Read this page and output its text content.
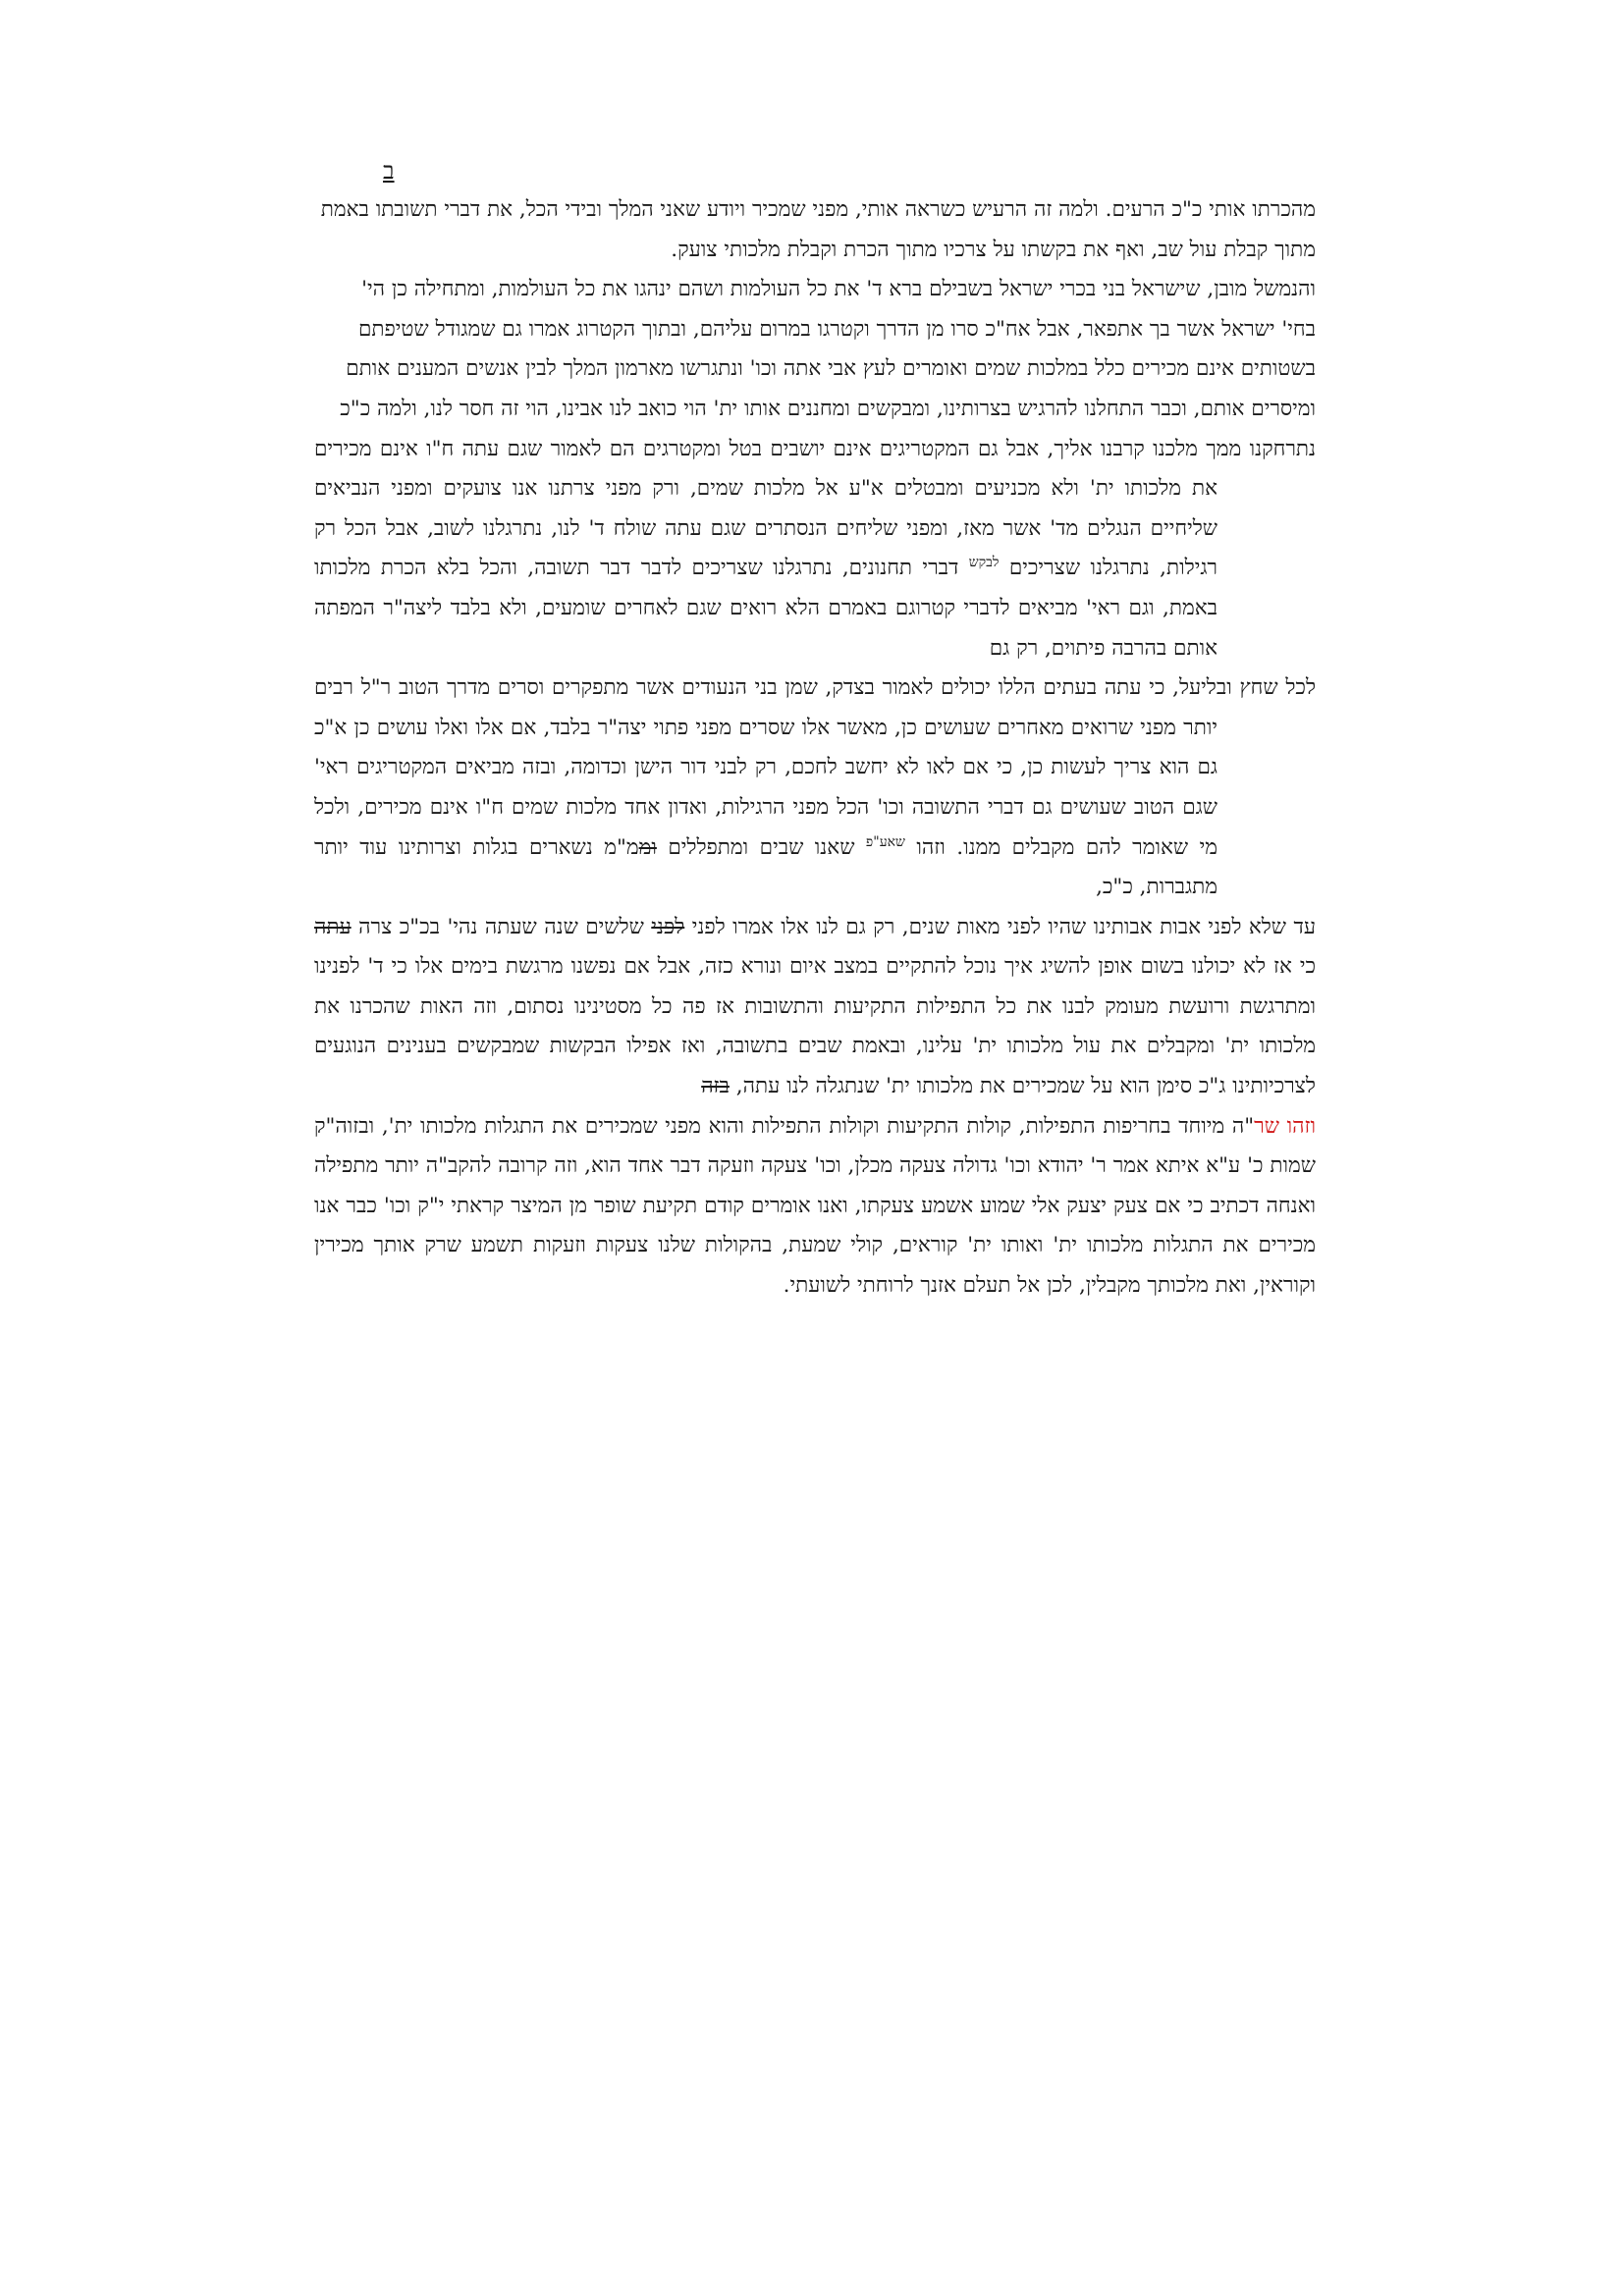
ב

מהכרתו אותי כ"כ הרעים. ולמה זה הרעיש כשראה אותי, מפני שמכיר ויודע שאני המלך ובידי הכל, את דברי תשובתו באמת

מתוך קבלת עול שב, ואף את בקשתו על צרכיו מתוך הכרת וקבלת מלכותי צועק.

והנמשל מובן, שישראל בני בכרי ישראל בשבילם ברא ד' את כל העולמות ושהם ינהגו את כל העולמות, ומתחילה כן הי'

בחי' ישראל אשר בך אתפאר, אבל אח"כ סרו מן הדרך וקטרגו במרום עליהם, ובתוך הקטרוג אמרו גם שמגודל שטיפתם

בשטותים אינם מכירים כלל במלכות שמים ואומרים לעץ אבי אתה וכו' ונתגרשו מארמון המלך לבין אנשים המענים אותם

ומיסרים אותם, וכבר התחלנו להרגיש בצרותינו, ומבקשים ומחננים אותו ית' הוי כואב לנו אבינו, הוי זה חסר לנו, ולמה כ"כ

נתרחקנו ממך מלכנו קרבנו אליך, אבל גם המקטריגים אינם יושבים בטל ומקטרגים הם לאמור שגם עתה ח"ו אינם מכירים את מלכותו ית' ולא מכניעים ומבטלים א"ע אל מלכות שמים, ורק מפני צרתנו אנו צועקים ומפני הנביאים שליחיים הנגלים מד' אשר מאז, ומפני שליחים הנסתרים שגם עתה שולח ד' לנו, נתרגלנו לשוב, אבל הכל רק רגילות, נתרגלנו שצריכים $^{לבקש}$ דברי תחנונים, נתרגלנו שצריכים לדבר דבר תשובה, והכל בלא הכרת מלכותו באמת, וגם ראי' מביאים לדברי קטרוגם באמרם הלא רואים שגם לאחרים שומעים, ולא בלבד ליצה"ר המפתה אותם בהרבה פיתוים, רק גם

לכל שחץ ובליעל, כי עתה בעתים הללו יכולים לאמור בצדק, שמן בני הנעודים אשר מתפקרים וסרים מדרך הטוב ר"ל רבים יותר מפני שרואים מאחרים שעושים כן, מאשר אלו שסרים מפני פתוי יצה"ר בלבד, אם אלו ואלו עושים כן א"כ גם הוא צריך לעשות כן, כי אם לאו לא יחשב לחכם, רק לבני דור הישן וכדומה, ובזה מביאים המקטריגים ראי' שגם הטוב שעושים גם דברי התשובה וכו' הכל מפני הרגילות, ואדון אחד מלכות שמים ח"ו אינם מכירים, ולכל מי שאומר להם מקבלים ממנו. וזהו $^{שאע"פ}$ שאנו שבים ומתפללים וממ"מ נשארים בגלות וצרותינו עוד יותר מתגברות, כ"כ,

עד שלא לפני אבות אבותינו שהיו לפני מאות שנים, רק גם לנו אלו אמרו לפני לפני שלשים שנה שעתה נהי' בכ"כ צרה עתה כי אז לא יכולנו בשום אופן להשיג איך נוכל להתקיים במצב איום ונורא כזה, אבל אם נפשנו מרגשת בימים אלו כי ד' לפנינו ומתרגשת ורועשת מעומק לבנו את כל התפילות התקיעות והתשובות אז פה כל מסטינינו נסתום, וזה האות שהכרנו את מלכותו ית' ומקבלים את עול מלכותו ית' עלינו, ובאמת שבים בתשובה, ואז אפילו הבקשות שמבקשים בענינים הנוגעים לצרכיותינו ג"כ סימן הוא על שמכירים את מלכותו ית' שנתגלה לנו עתה, בזה

וזהו שר"ה מיוחד בחריפות התפילות, קולות התקיעות וקולות התפילות והוא מפני שמכירים את התגלות מלכותו ית', ובזוה"ק שמות כ' ע"א איתא אמר ר' יהודא וכו' גדולה צעקה מכלן, וכו' צעקה וזעקה דבר אחד הוא, וזה קרובה להקב"ה יותר מתפילה ואנחה דכתיב כי אם צעק יצעק אלי שמוע אשמע צעקתו, ואנו אומרים קודם תקיעת שופר מן המיצר קראתי י"ק וכו' כבר אנו מכירים את התגלות מלכותו ית' ואותו ית' קוראים, קולי שמעת, בהקולות שלנו צעקות וזעקות תשמע שרק אותך מכירין וקוראין, ואת מלכותך מקבלין, לכן אל תעלם אזנך לרוחתי לשועתי.
